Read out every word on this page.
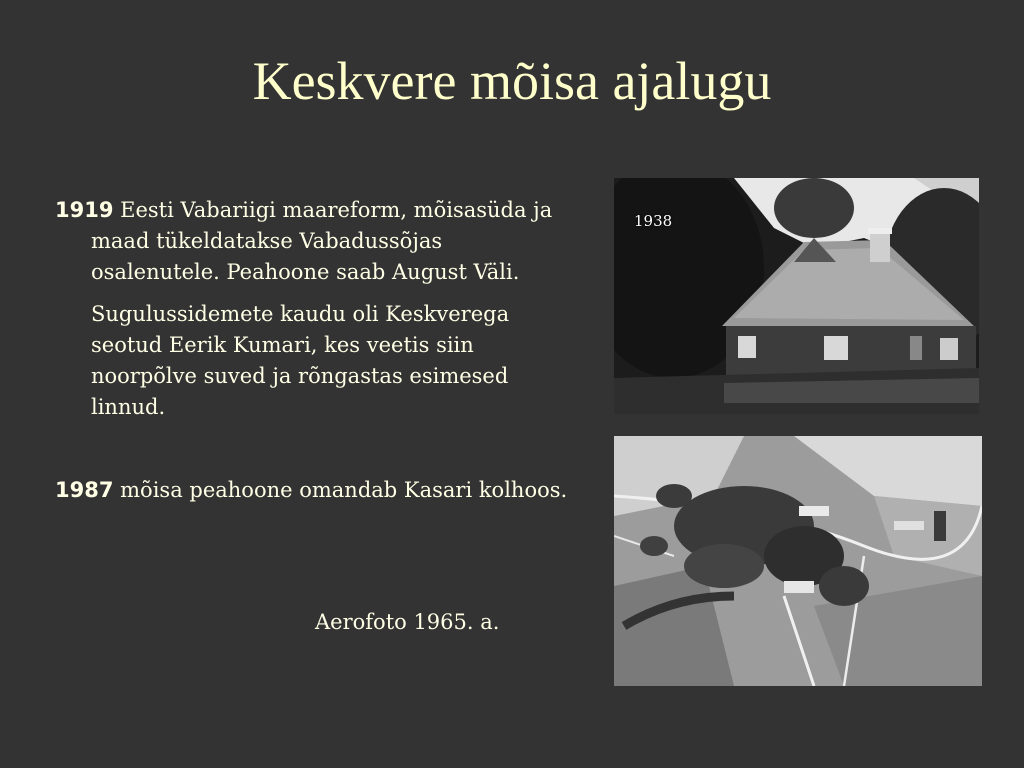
Keskvere mõisa ajalugu

1919 Eesti Vabariigi maareform, mõisasüda ja maad tükeldatakse Vabadussõjas osalenutele. Peahoone saab August Väli.

Sugulussidemete kaudu oli Keskverega seotud Eerik Kumari, kes veetis siin noorpõlve suved ja rõngastas esimesed linnud.

1987 mõisa peahoone omandab Kasari kolhoos.

Aerofoto 1965. a.
1938
